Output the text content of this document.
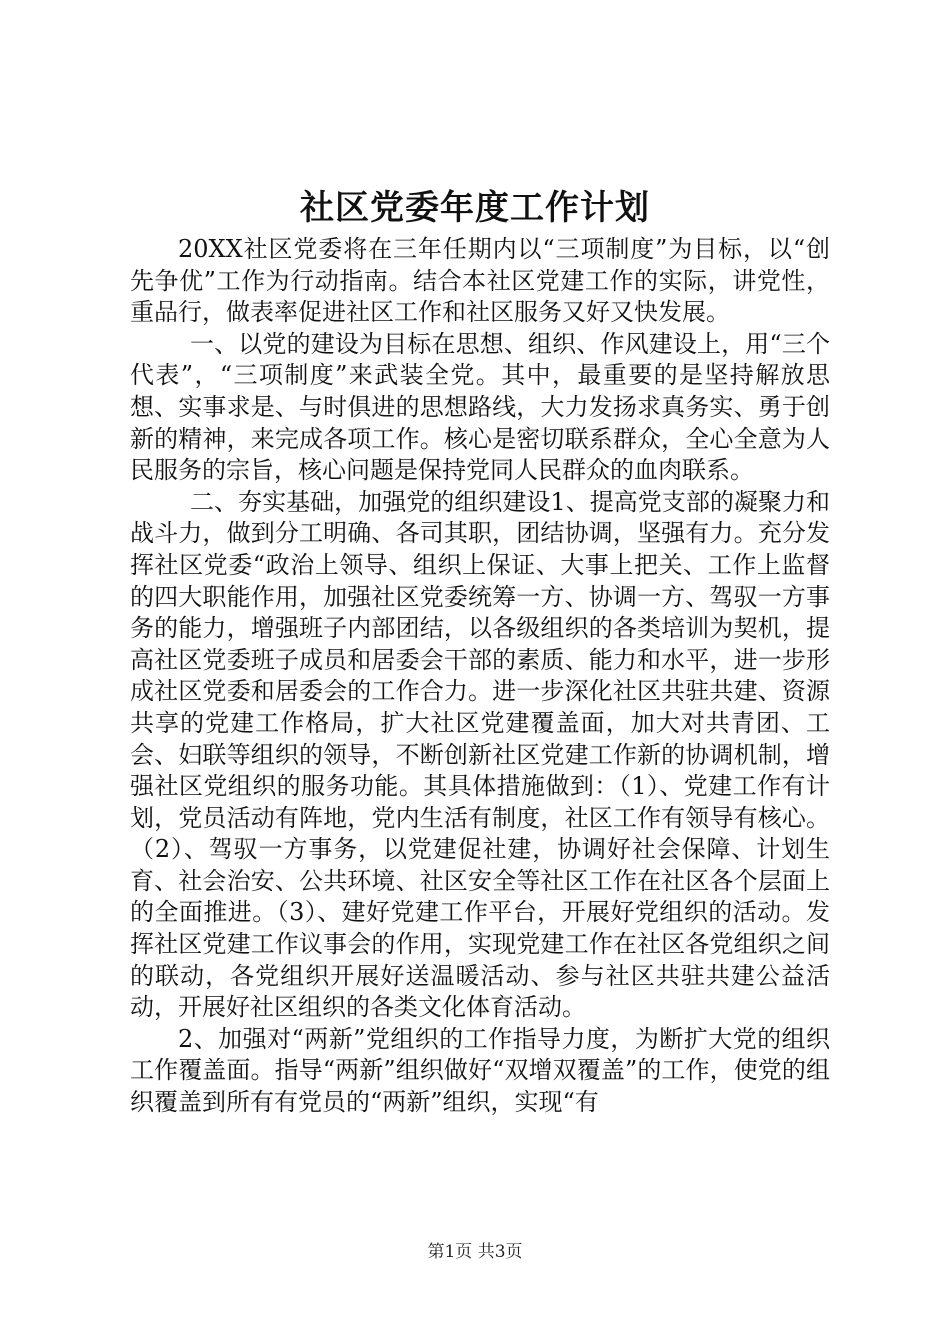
社区党委年度工作计划

20XX社区党委将在三年任期内以“三项制度”为目标，以“创先争优”工作为行动指南。结合本社区党建工作的实际，讲党性，重品行，做表率促进社区工作和社区服务又好又快发展。

一、以党的建设为目标在思想、组织、作风建设上，用“三个代表”，“三项制度”来武装全党。其中，最重要的是坚持解放思想、实事求是、与时俱进的思想路线，大力发扬求真务实、勇于创新的精神，来完成各项工作。核心是密切联系群众，全心全意为人民服务的宗旨，核心问题是保持党同人民群众的血肉联系。

二、夯实基础，加强党的组织建设1、提高党支部的凝聚力和战斗力，做到分工明确、各司其职，团结协调，坚强有力。充分发挥社区党委“政治上领导、组织上保证、大事上把关、工作上监督的四大职能作用，加强社区党委统筹一方、协调一方、驾驭一方事务的能力，增强班子内部团结，以各级组织的各类培训为契机，提高社区党委班子成员和居委会干部的素质、能力和水平，进一步形成社区党委和居委会的工作合力。进一步深化社区共驻共建、资源共享的党建工作格局，扩大社区党建覆盖面，加大对共青团、工会、妇联等组织的领导，不断创新社区党建工作新的协调机制，增强社区党组织的服务功能。其具体措施做到：（1）、党建工作有计划，党员活动有阵地，党内生活有制度，社区工作有领导有核心。（2）、驾驭一方事务，以党建促社建，协调好社会保障、计划生育、社会治安、公共环境、社区安全等社区工作在社区各个层面上的全面推进。（3）、建好党建工作平台，开展好党组织的活动。发挥社区党建工作议事会的作用，实现党建工作在社区各党组织之间的联动，各党组织开展好送温暖活动、参与社区共驻共建公益活动，开展好社区组织的各类文化体育活动。

2、加强对“两新”党组织的工作指导力度，为断扩大党的组织工作覆盖面。指导“两新”组织做好“双增双覆盖”的工作，使党的组织覆盖到所有有党员的“两新”组织，实现“有

第1页 共3页
